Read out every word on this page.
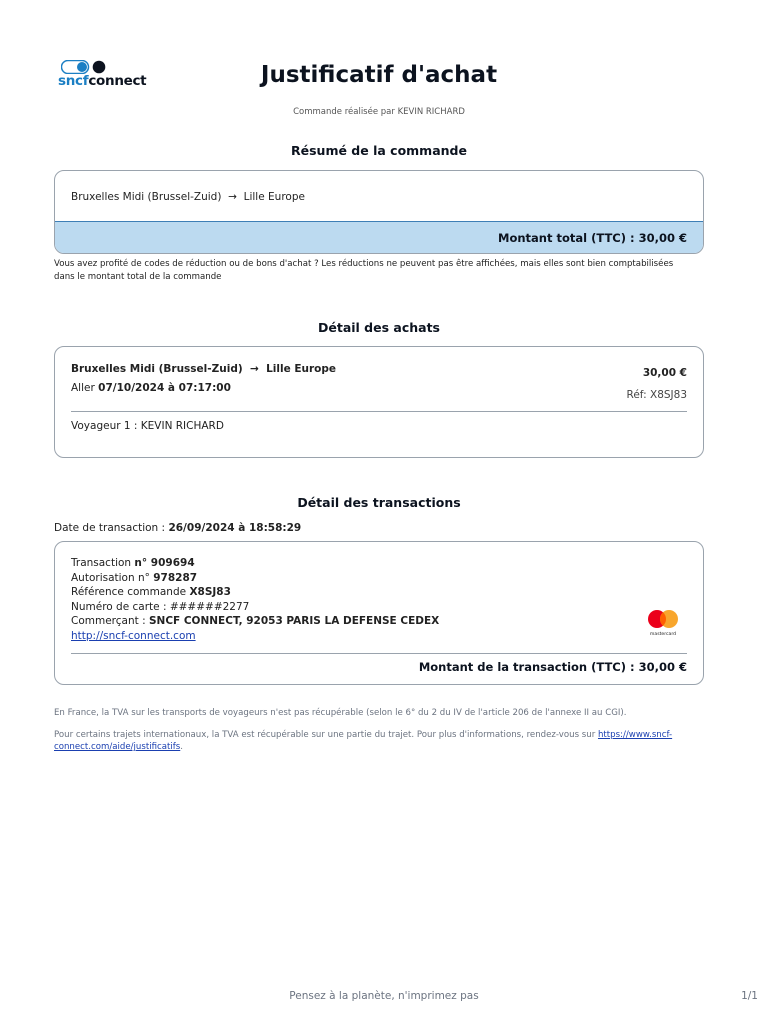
sncfconnect	Justificatif d'achat
Commande réalisée par KEVIN RICHARD
Résumé de la commande
Bruxelles Midi (Brussel-Zuid) → Lille Europe
Montant total (TTC) : 30,00 €
Vous avez profité de codes de réduction ou de bons d'achat ? Les réductions ne peuvent pas être affichées, mais elles sont bien comptabilisées dans le montant total de la commande
Détail des achats
Bruxelles Midi (Brussel-Zuid) → Lille Europe
Aller 07/10/2024 à 07:17:00
30,00 €
Réf: X8SJ83
Voyageur 1 : KEVIN RICHARD
Détail des transactions
Date de transaction : 26/09/2024 à 18:58:29
Transaction n° 909694
Autorisation n° 978287
Référence commande X8SJ83
Numéro de carte : ######2277
Commerçant : SNCF CONNECT, 92053 PARIS LA DEFENSE CEDEX
http://sncf-connect.com	mastercard
Montant de la transaction (TTC) : 30,00 €
En France, la TVA sur les transports de voyageurs n'est pas récupérable (selon le 6° du 2 du IV de l'article 206 de l'annexe II au CGI).
Pour certains trajets internationaux, la TVA est récupérable sur une partie du trajet. Pour plus d'informations, rendez-vous sur https://www.sncf-connect.com/aide/justificatifs.
Pensez à la planète, n'imprimez pas	1/1
